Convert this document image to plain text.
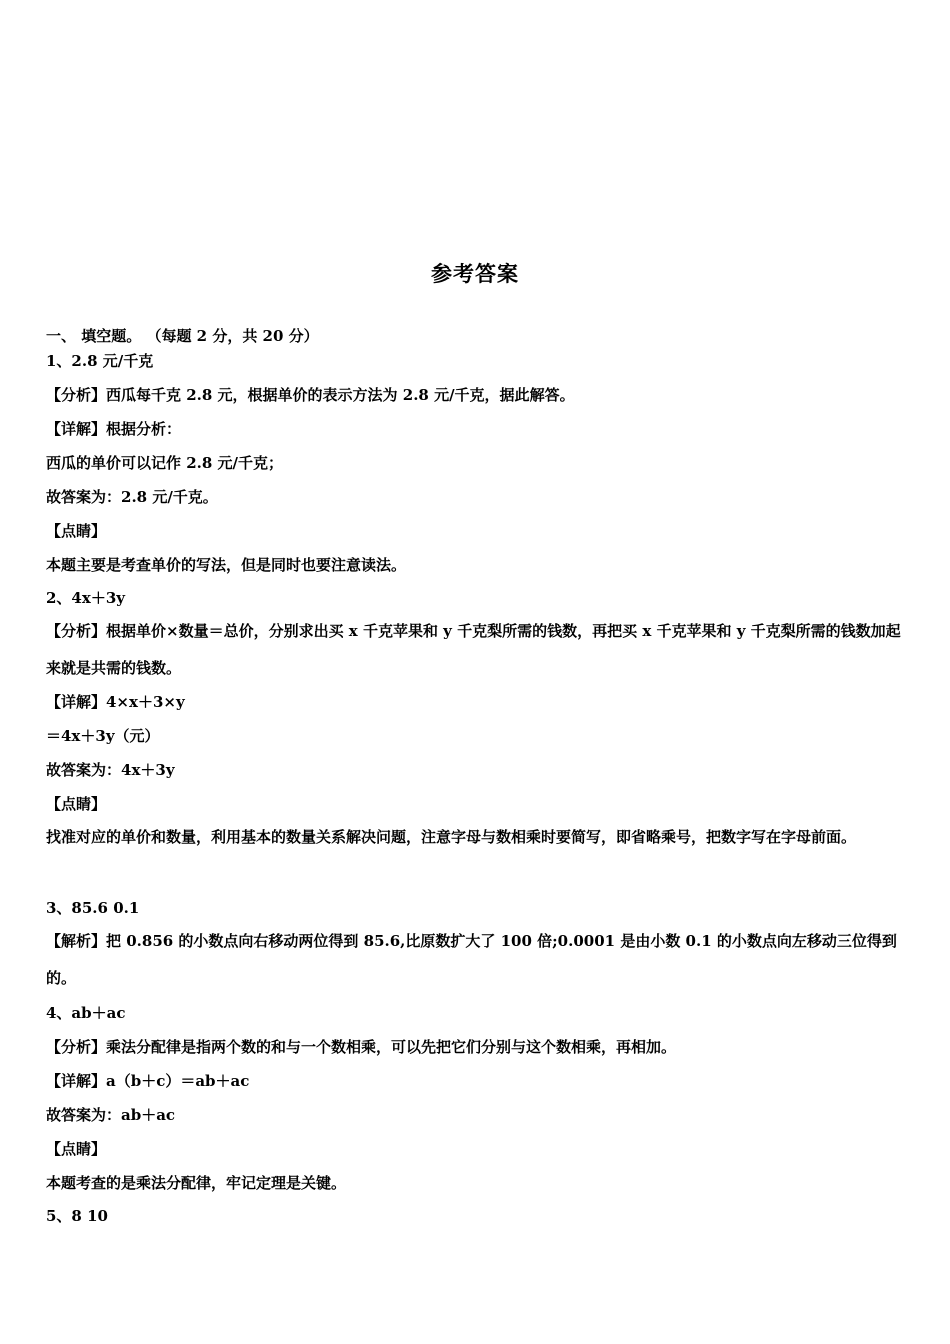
参考答案
一、 填空题。 （每题 2 分，共 20 分）
1、2.8 元/千克
【分析】西瓜每千克 2.8 元，根据单价的表示方法为 2.8 元/千克，据此解答。
【详解】根据分析：
西瓜的单价可以记作 2.8 元/千克；
故答案为：2.8 元/千克。
【点睛】
本题主要是考查单价的写法，但是同时也要注意读法。
2、4x＋3y
【分析】根据单价×数量＝总价，分别求出买 x 千克苹果和 y 千克梨所需的钱数，再把买 x 千克苹果和 y 千克梨所需的钱数加起来就是共需的钱数。
【详解】4×x＋3×y
＝4x＋3y（元）
故答案为：4x＋3y
【点睛】
找准对应的单价和数量，利用基本的数量关系解决问题，注意字母与数相乘时要简写，即省略乘号，把数字写在字母前面。
3、85.6 0.1
【解析】把 0.856 的小数点向右移动两位得到 85.6,比原数扩大了 100 倍;0.0001 是由小数 0.1 的小数点向左移动三位得到的。
4、ab＋ac
【分析】乘法分配律是指两个数的和与一个数相乘，可以先把它们分别与这个数相乘，再相加。
【详解】a（b＋c）＝ab＋ac
故答案为：ab＋ac
【点睛】
本题考查的是乘法分配律，牢记定理是关键。
5、8 10
